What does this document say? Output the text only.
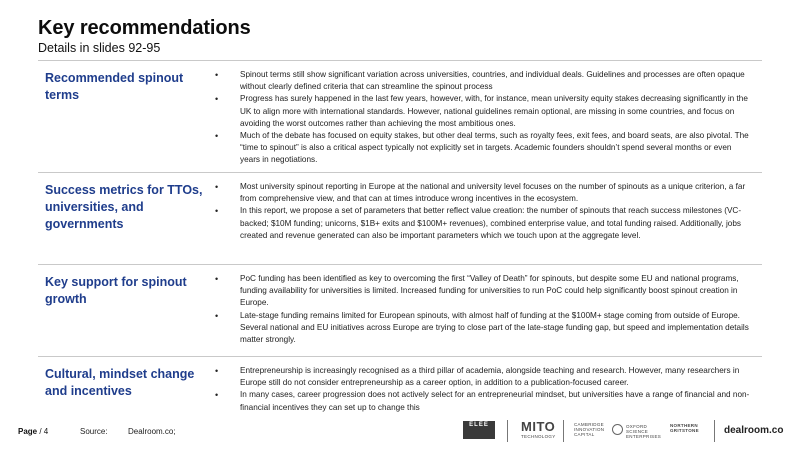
Key recommendations
Details in slides 92-95
Recommended spinout terms
•	Spinout terms still show significant variation across universities, countries, and individual deals. Guidelines and processes are often opaque without clearly defined criteria that can streamline the spinout process
•	Progress has surely happened in the last few years, however, with, for instance, mean university equity stakes decreasing significantly in the UK to align more with international standards. However, national guidelines remain optional, are missing in some countries, and focus on avoiding the worst outcomes rather than achieving the most ambitious ones.
•	Much of the debate has focused on equity stakes, but other deal terms, such as royalty fees, exit fees, and board seats, are also pivotal. The “time to spinout” is also a critical aspect typically not explicitly set in targets. Academic founders shouldn’t spend several months or even years in negotiations.
Success metrics for TTOs, universities, and governments
•	Most university spinout reporting in Europe at the national and university level focuses on the number of spinouts as a unique criterion, a far from comprehensive view, and that can at times introduce wrong incentives in the ecosystem.
•	In this report, we propose a set of parameters that better reflect value creation: the number of spinouts that reach success milestones (VC-backed; $10M funding; unicorns, $1B+ exits and $100M+ revenues), combined enterprise value, and total funding raised. Additionally, jobs created and revenue generated can also be important parameters which we touch upon at the aggregate level.
Key support for spinout growth
•	PoC funding has been identified as key to overcoming the first “Valley of Death” for spinouts, but despite some EU and national programs, funding availability for universities is limited. Increased funding for universities to run PoC could help significantly boost spinout creation in Europe.
•	Late-stage funding remains limited for European spinouts, with almost half of funding at the $100M+ stage coming from outside of Europe. Several national and EU initiatives across Europe are trying to close part of the late-stage funding gap, but speed and implementation details matter strongly.
Cultural, mindset change and incentives
•	Entrepreneurship is increasingly recognised as a third pillar of academia, alongside teaching and research. However, many researchers in Europe still do not consider entrepreneurship as a career option, in addition to a publication-focused career.
•	In many cases, career progression does not actively select for an entrepreneurial mindset, but universities have a range of financial and non-financial incentives they can set up to change this
Page / 4	Source:	Dealroom.co;
ELEE	MITO
TECHNOLOGY
CAMBRIDGE INNOVATION CAPITAL
OXFORD SCIENCE ENTERPRISES
NORTHERN GRITSTONE	dealroom.co
